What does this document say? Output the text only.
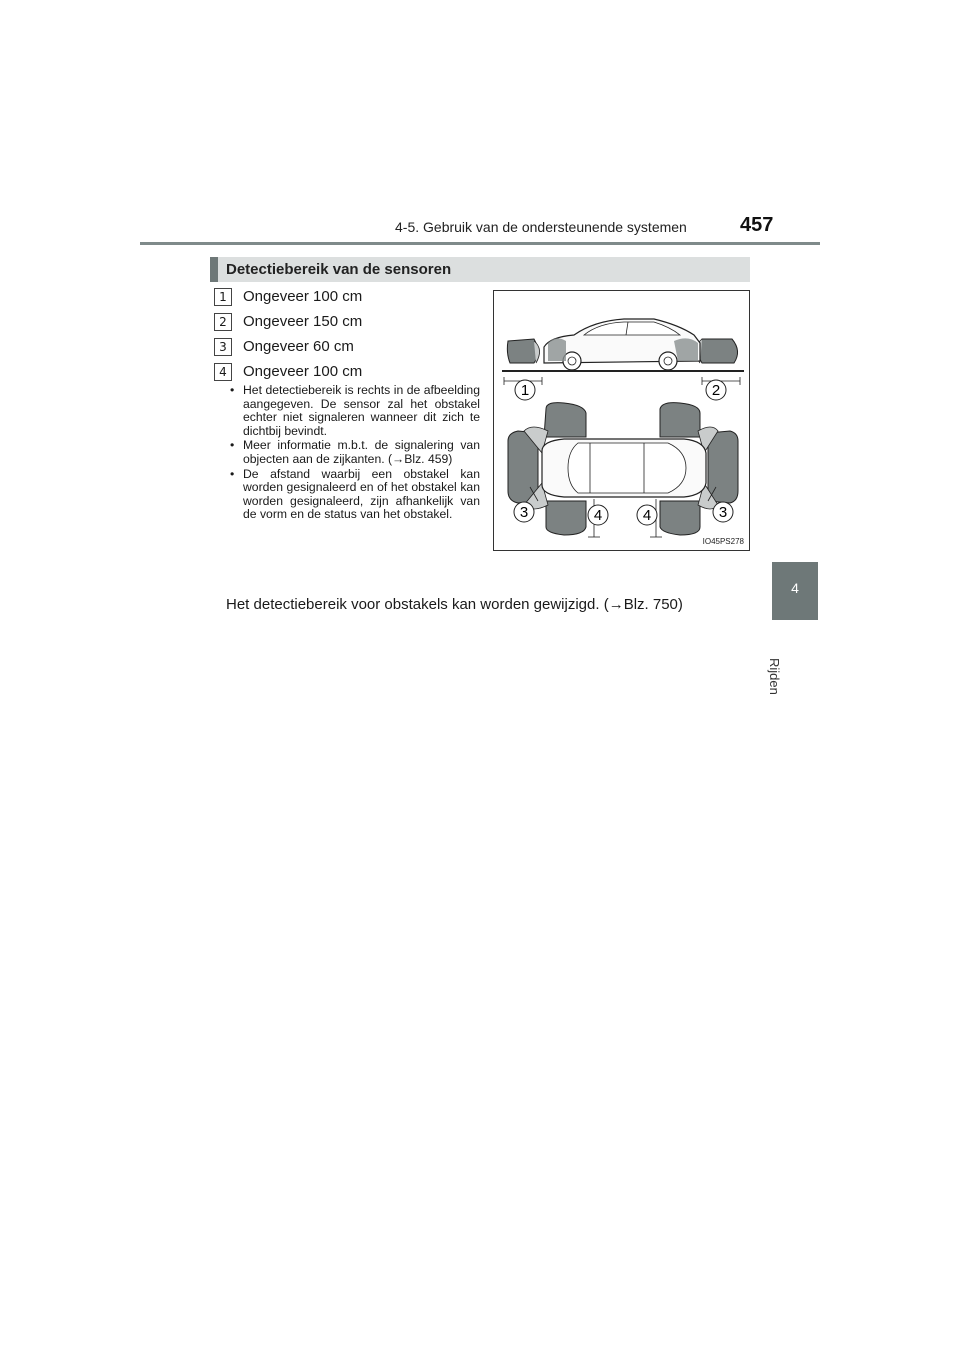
4-5. Gebruik van de ondersteunende systemen	457
4
Rijden
Detectiebereik van de sensoren
1	Ongeveer 100 cm
2	Ongeveer 150 cm
3	Ongeveer 60 cm
4	Ongeveer 100 cm
• Het detectiebereik is rechts in de afbeelding aangegeven. De sensor zal het obstakel echter niet signaleren wanneer dit zich te dichtbij bevindt.
• Meer informatie m.b.t. de signalering van objecten aan de zijkanten. (→Blz. 459)
• De afstand waarbij een obstakel kan worden gesignaleerd en of het obstakel kan worden gesignaleerd, zijn afhankelijk van de vorm en de status van het obstakel.
Het detectiebereik voor obstakels kan worden gewijzigd. (→Blz. 750)
1	2
3	4	4	3
IO45PS278
